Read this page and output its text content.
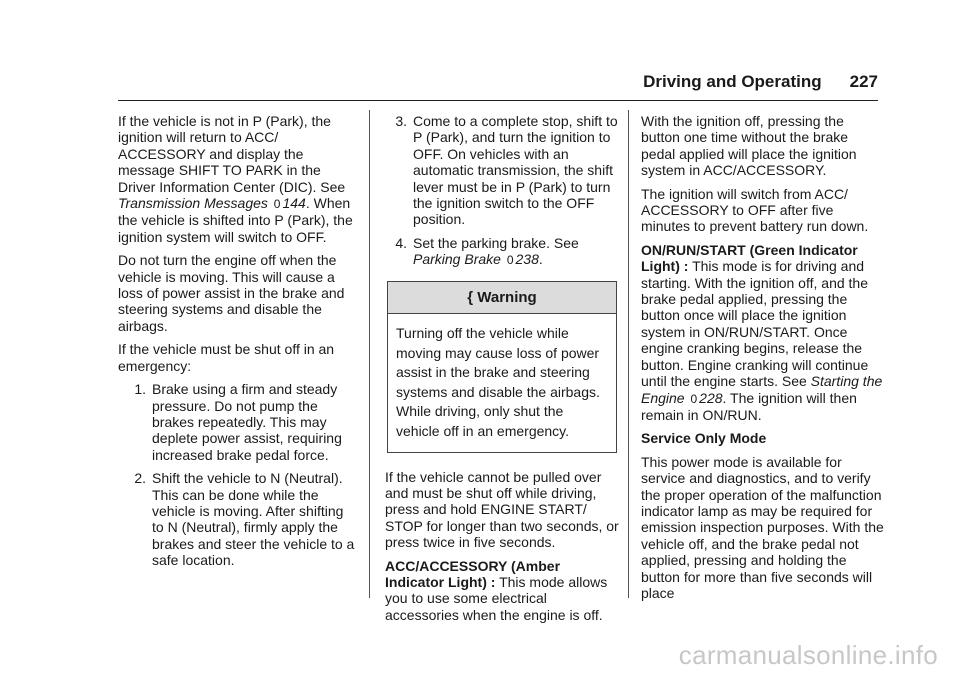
Driving and Operating 227

If the vehicle is not in P (Park), the ignition will return to ACC/ ACCESSORY and display the message SHIFT TO PARK in the Driver Information Center (DIC). See Transmission Messages 0 144. When the vehicle is shifted into P (Park), the ignition system will switch to OFF.

Do not turn the engine off when the vehicle is moving. This will cause a loss of power assist in the brake and steering systems and disable the airbags.

If the vehicle must be shut off in an emergency:

1. Brake using a firm and steady pressure. Do not pump the brakes repeatedly. This may deplete power assist, requiring increased brake pedal force.
2. Shift the vehicle to N (Neutral). This can be done while the vehicle is moving. After shifting to N (Neutral), firmly apply the brakes and steer the vehicle to a safe location.
3. Come to a complete stop, shift to P (Park), and turn the ignition to OFF. On vehicles with an automatic transmission, the shift lever must be in P (Park) to turn the ignition switch to the OFF position.
4. Set the parking brake. See
Parking Brake 0 238.
{ Warning
Turning off the vehicle while moving may cause loss of power assist in the brake and steering systems and disable the airbags. While driving, only shut the vehicle off in an emergency.

If the vehicle cannot be pulled over and must be shut off while driving, press and hold ENGINE START/ STOP for longer than two seconds, or press twice in five seconds.

ACC/ACCESSORY (Amber Indicator Light) : This mode allows you to use some electrical accessories when the engine is off.

With the ignition off, pressing the button one time without the brake pedal applied will place the ignition system in ACC/ACCESSORY.

The ignition will switch from ACC/ ACCESSORY to OFF after five minutes to prevent battery run down.

ON/RUN/START (Green Indicator Light) : This mode is for driving and starting. With the ignition off, and the brake pedal applied, pressing the button once will place the ignition system in ON/RUN/START. Once engine cranking begins, release the button. Engine cranking will continue until the engine starts. See Starting the Engine 0 228. The ignition will then remain in ON/RUN.

Service Only Mode

This power mode is available for service and diagnostics, and to verify the proper operation of the malfunction indicator lamp as may be required for emission inspection purposes. With the vehicle off, and the brake pedal not applied, pressing and holding the button for more than five seconds will place

carmanualsonline.info
